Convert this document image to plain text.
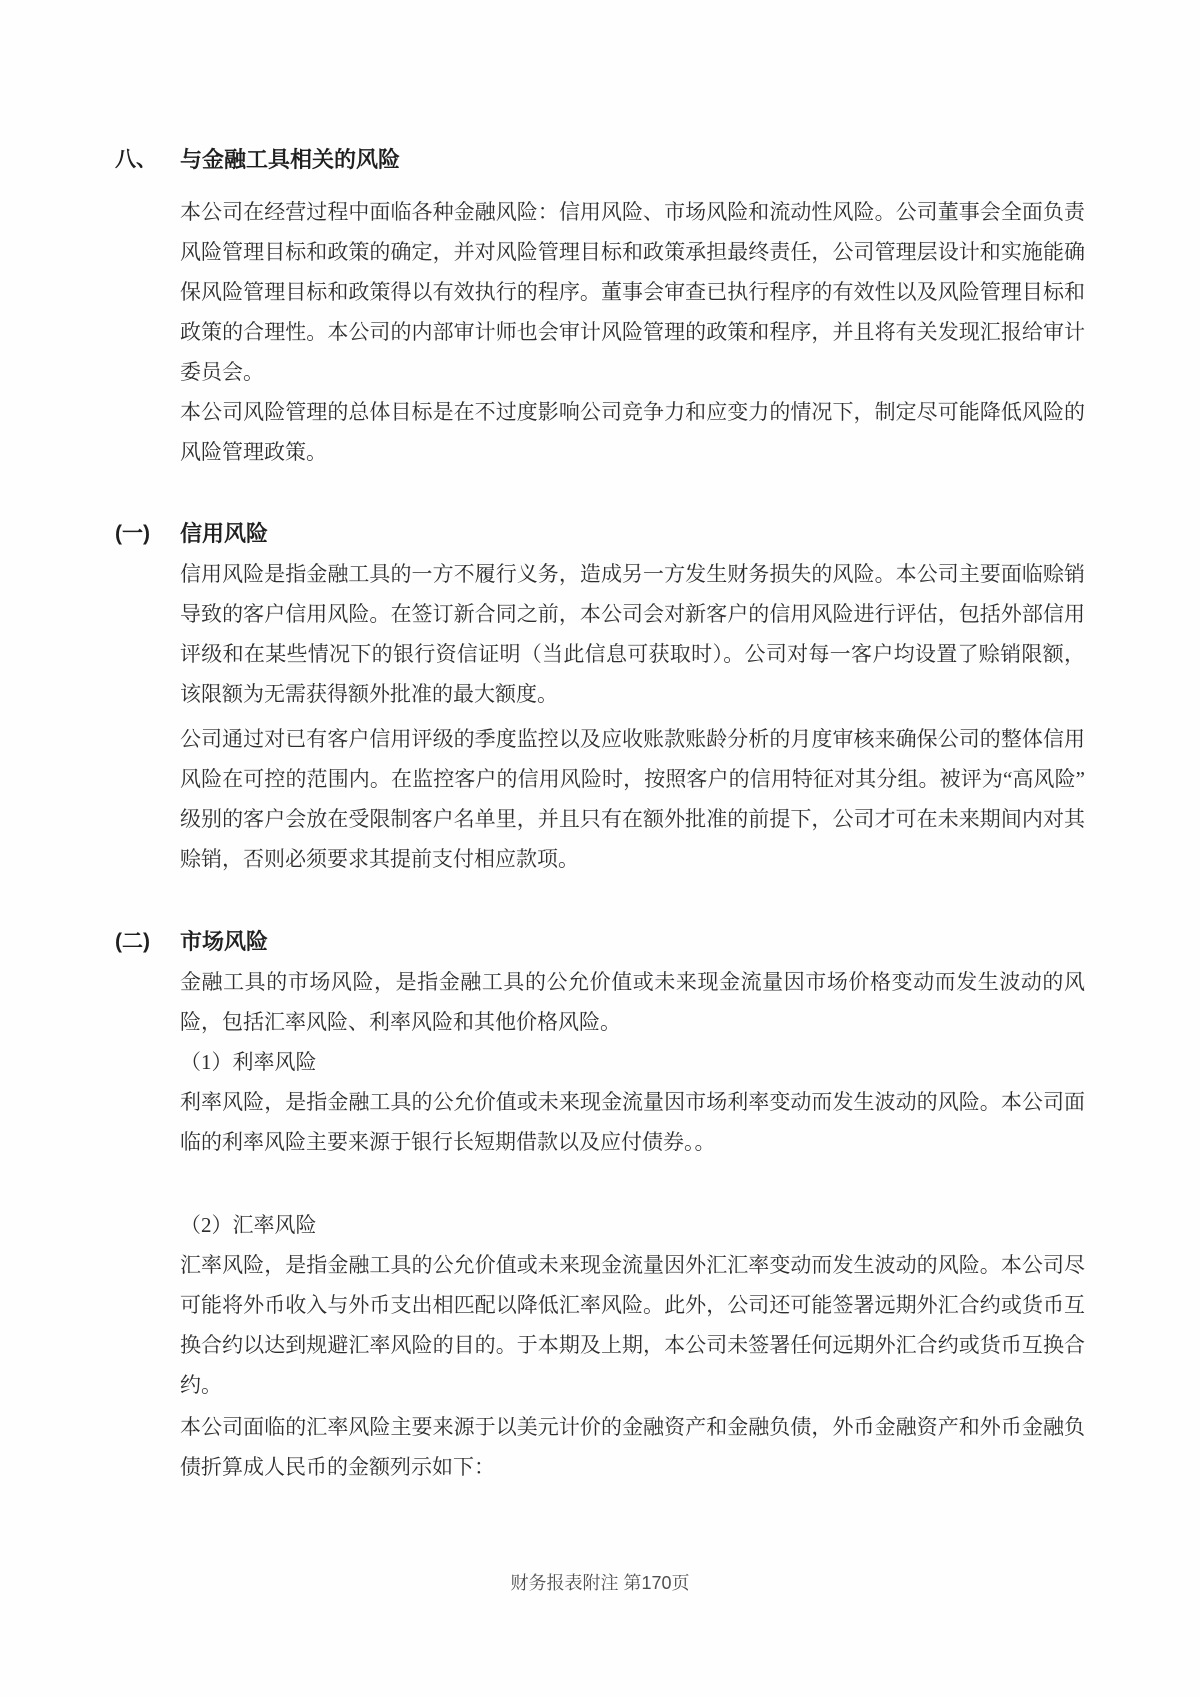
八、	与金融工具相关的风险

本公司在经营过程中面临各种金融风险：信用风险、市场风险和流动性风险。公司董事会全面负责风险管理目标和政策的确定，并对风险管理目标和政策承担最终责任，公司管理层设计和实施能确保风险管理目标和政策得以有效执行的程序。董事会审查已执行程序的有效性以及风险管理目标和政策的合理性。本公司的内部审计师也会审计风险管理的政策和程序，并且将有关发现汇报给审计委员会。

本公司风险管理的总体目标是在不过度影响公司竞争力和应变力的情况下，制定尽可能降低风险的风险管理政策。

(一)	信用风险

信用风险是指金融工具的一方不履行义务，造成另一方发生财务损失的风险。本公司主要面临赊销导致的客户信用风险。在签订新合同之前，本公司会对新客户的信用风险进行评估，包括外部信用评级和在某些情况下的银行资信证明（当此信息可获取时）。公司对每一客户均设置了赊销限额，该限额为无需获得额外批准的最大额度。

公司通过对已有客户信用评级的季度监控以及应收账款账龄分析的月度审核来确保公司的整体信用风险在可控的范围内。在监控客户的信用风险时，按照客户的信用特征对其分组。被评为“高风险”级别的客户会放在受限制客户名单里，并且只有在额外批准的前提下，公司才可在未来期间内对其赊销，否则必须要求其提前支付相应款项。

(二)	市场风险

金融工具的市场风险，是指金融工具的公允价值或未来现金流量因市场价格变动而发生波动的风险，包括汇率风险、利率风险和其他价格风险。

（1）利率风险

利率风险，是指金融工具的公允价值或未来现金流量因市场利率变动而发生波动的风险。本公司面临的利率风险主要来源于银行长短期借款以及应付债券。。

（2）汇率风险

汇率风险，是指金融工具的公允价值或未来现金流量因外汇汇率变动而发生波动的风险。本公司尽可能将外币收入与外币支出相匹配以降低汇率风险。此外，公司还可能签署远期外汇合约或货币互换合约以达到规避汇率风险的目的。于本期及上期，本公司未签署任何远期外汇合约或货币互换合约。

本公司面临的汇率风险主要来源于以美元计价的金融资产和金融负债，外币金融资产和外币金融负债折算成人民币的金额列示如下：

财务报表附注 第170页
